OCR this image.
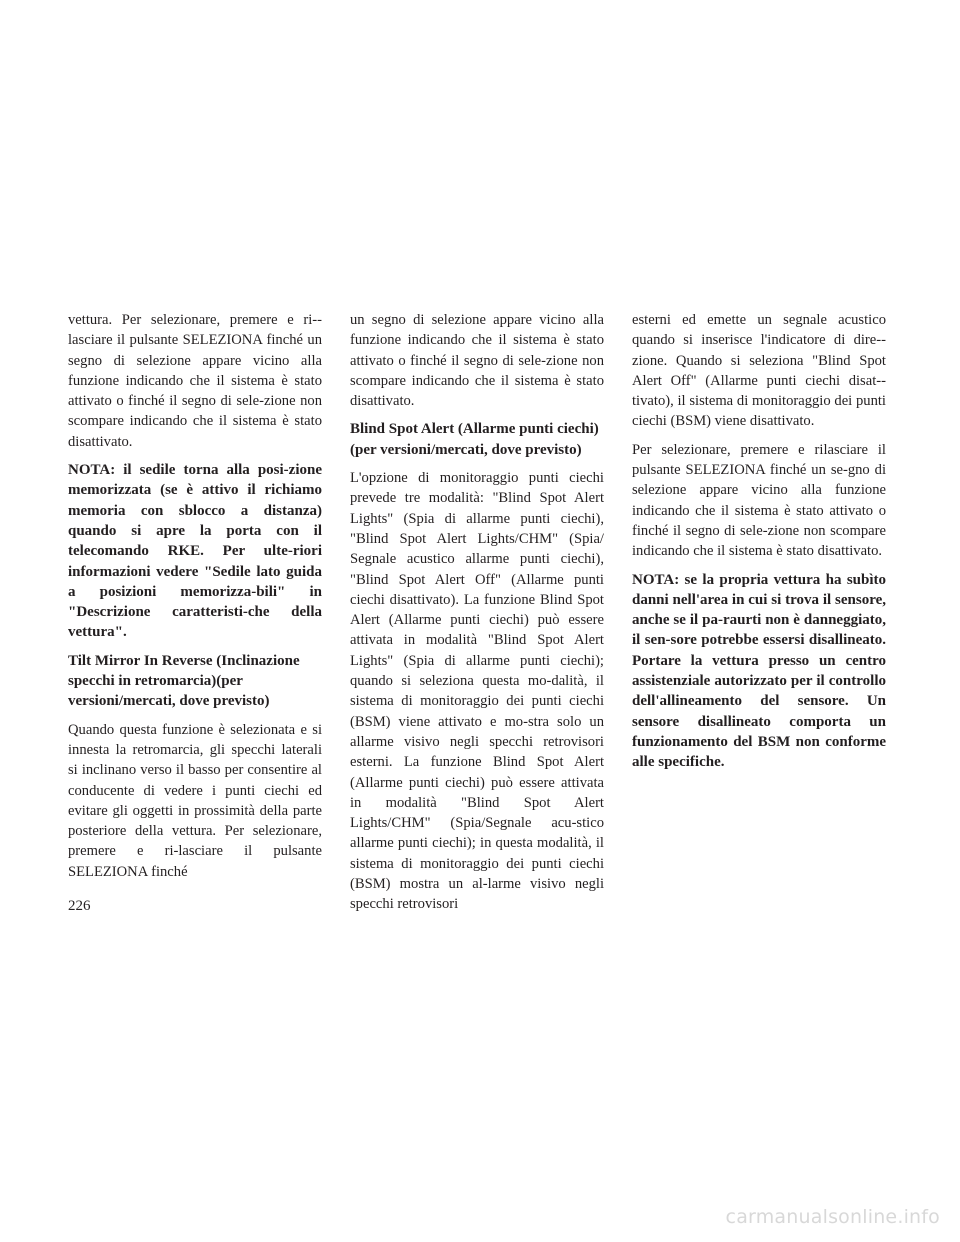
vettura. Per selezionare, premere e ri-lasciare il pulsante SELEZIONA finché un segno di selezione appare vicino alla funzione indicando che il sistema è stato attivato o finché il segno di sele-zione non scompare indicando che il sistema è stato disattivato.

NOTA: il sedile torna alla posi-zione memorizzata (se è attivo il richiamo memoria con sblocco a distanza) quando si apre la porta con il telecomando RKE. Per ulte-riori informazioni vedere "Sedile lato guida a posizioni memorizza-bili" in "Descrizione caratteristi-che della vettura".

Tilt Mirror In Reverse (Inclinazione specchi in retromarcia)(per versioni/mercati, dove previsto)

Quando questa funzione è selezionata e si innesta la retromarcia, gli specchi laterali si inclinano verso il basso per consentire al conducente di vedere i punti ciechi ed evitare gli oggetti in prossimità della parte posteriore della vettura. Per selezionare, premere e ri-lasciare il pulsante SELEZIONA finché

un segno di selezione appare vicino alla funzione indicando che il sistema è stato attivato o finché il segno di sele-zione non scompare indicando che il sistema è stato disattivato.

Blind Spot Alert (Allarme punti ciechi) (per versioni/mercati, dove previsto)

L'opzione di monitoraggio punti ciechi prevede tre modalità: "Blind Spot Alert Lights" (Spia di allarme punti ciechi), "Blind Spot Alert Lights/CHM" (Spia/ Segnale acustico allarme punti ciechi), "Blind Spot Alert Off" (Allarme punti ciechi disattivato). La funzione Blind Spot Alert (Allarme punti ciechi) può essere attivata in modalità "Blind Spot Alert Lights" (Spia di allarme punti ciechi); quando si seleziona questa mo-dalità, il sistema di monitoraggio dei punti ciechi (BSM) viene attivato e mo-stra solo un allarme visivo negli specchi retrovisori esterni. La funzione Blind Spot Alert (Allarme punti ciechi) può essere attivata in modalità "Blind Spot Alert Lights/CHM" (Spia/Segnale acu-stico allarme punti ciechi); in questa modalità, il sistema di monitoraggio dei punti ciechi (BSM) mostra un al-larme visivo negli specchi retrovisori

esterni ed emette un segnale acustico quando si inserisce l'indicatore di dire-zione. Quando si seleziona "Blind Spot Alert Off" (Allarme punti ciechi disat-tivato), il sistema di monitoraggio dei punti ciechi (BSM) viene disattivato.

Per selezionare, premere e rilasciare il pulsante SELEZIONA finché un se-gno di selezione appare vicino alla funzione indicando che il sistema è stato attivato o finché il segno di sele-zione non scompare indicando che il sistema è stato disattivato.

NOTA: se la propria vettura ha subìto danni nell'area in cui si trova il sensore, anche se il pa-raurti non è danneggiato, il sen-sore potrebbe essersi disallineato. Portare la vettura presso un centro assistenziale autorizzato per il controllo dell'allineamento del sensore. Un sensore disallineato comporta un funzionamento del BSM non conforme alle specifiche.

226
carmanualsonline.info
